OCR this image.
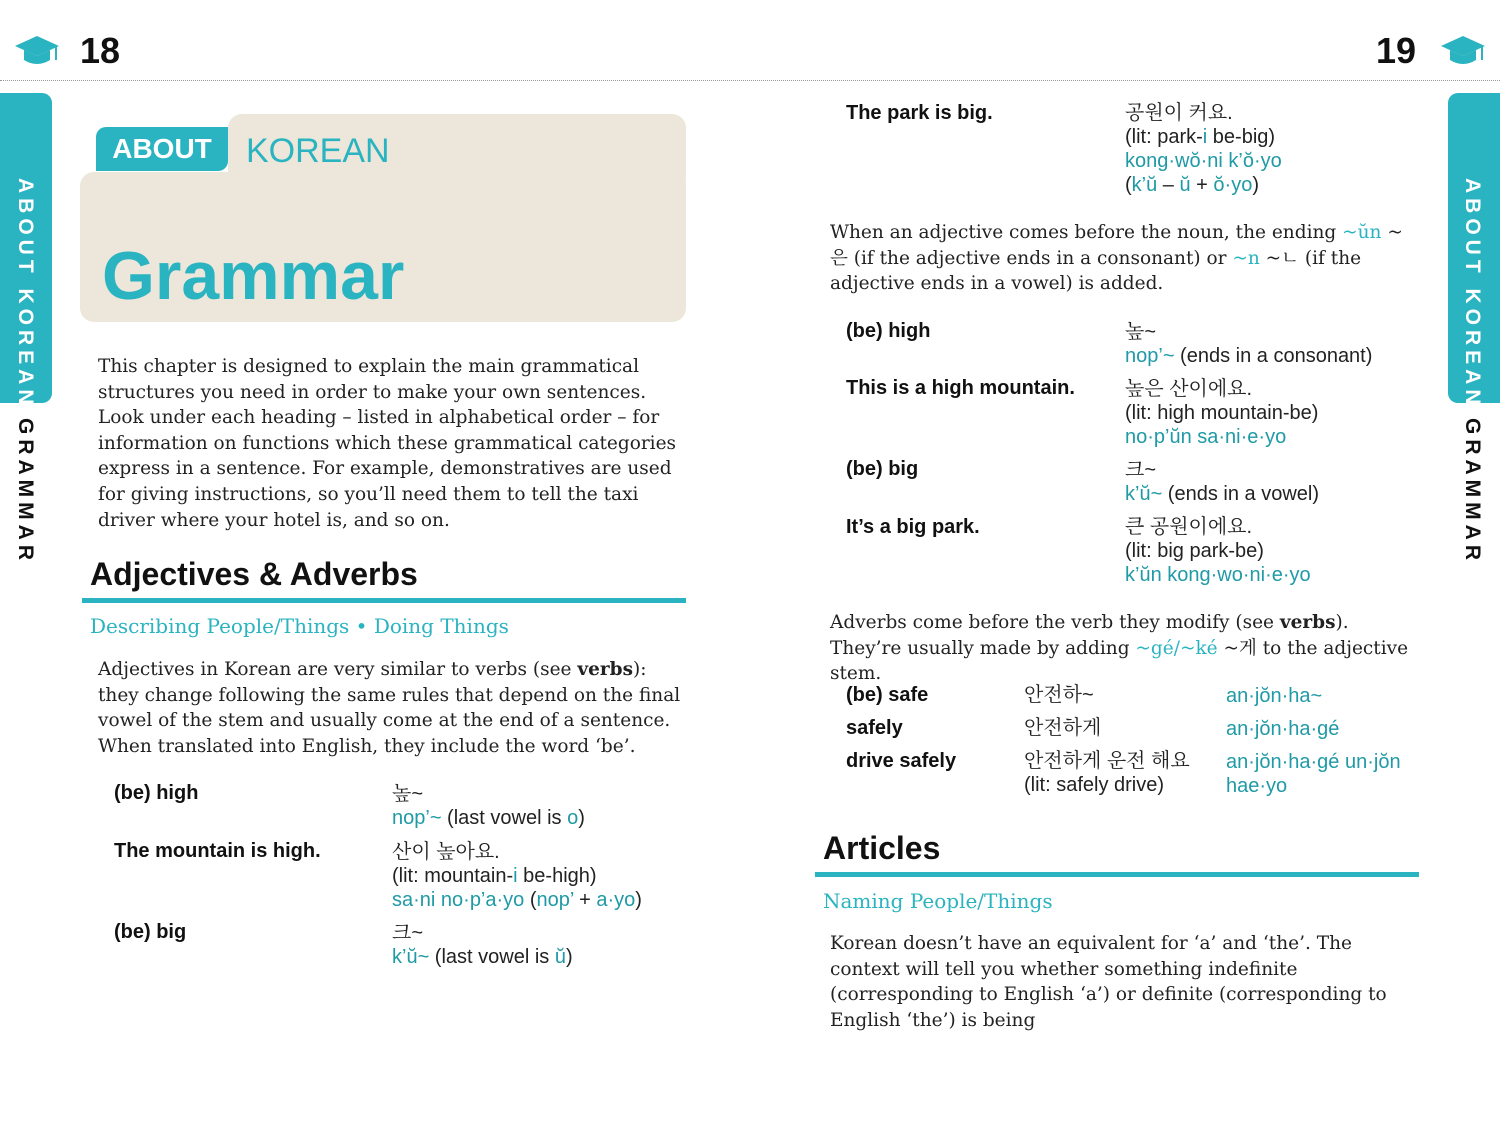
18	19
ABOUT KOREAN
GRAMMAR
ABOUT KOREAN
GRAMMAR
ABOUT	KOREAN
Grammar
This chapter is designed to explain the main grammatical structures you need in order to make your own sentences. Look under each heading – listed in alphabetical order – for information on functions which these grammatical categories express in a sentence. For example, demonstratives are used for giving instructions, so you’ll need them to tell the taxi driver where your hotel is, and so on.
Adjectives & Adverbs
Describing People/Things • Doing Things
Adjectives in Korean are very similar to verbs (see verbs): they change following the same rules that depend on the final vowel of the stem and usually come at the end of a sentence. When translated into English, they include the word ‘be’.
(be) high	높~
nop’~ (last vowel is o)
The mountain is high.	산이 높아요.
(lit: mountain-i be-high)
sa·ni no·p’a·yo (nop’ + a·yo)
(be) big	크~
k’ŭ~ (last vowel is ŭ)
The park is big.	공원이 커요.
(lit: park-i be-big)
kong·wŏ·ni k’ŏ·yo
(k’ŭ – ŭ + ŏ·yo)
When an adjective comes before the noun, the ending ~ŭn ~은 (if the adjective ends in a consonant) or ~n ~ㄴ (if the adjective ends in a vowel) is added.
(be) high	높~
nop’~ (ends in a consonant)
This is a high mountain.	높은 산이에요.
(lit: high mountain-be)
no·p’ŭn sa·ni·e·yo
(be) big	크~
k’ŭ~ (ends in a vowel)
It’s a big park.	큰 공원이에요.
(lit: big park-be)
k’ŭn kong·wo·ni·e·yo
Adverbs come before the verb they modify (see verbs). They’re usually made by adding ~gé/~ké ~게 to the adjective stem.
(be) safe	안전하~	an·jŏn·ha~
safely	안전하게	an·jŏn·ha·gé
drive safely	안전하게 운전 해요
(lit: safely drive)
an·jŏn·ha·gé un·jŏn
hae·yo
Articles
Naming People/Things
Korean doesn’t have an equivalent for ‘a’ and ‘the’. The context will tell you whether something indefinite (corresponding to English ‘a’) or definite (corresponding to English ‘the’) is being
